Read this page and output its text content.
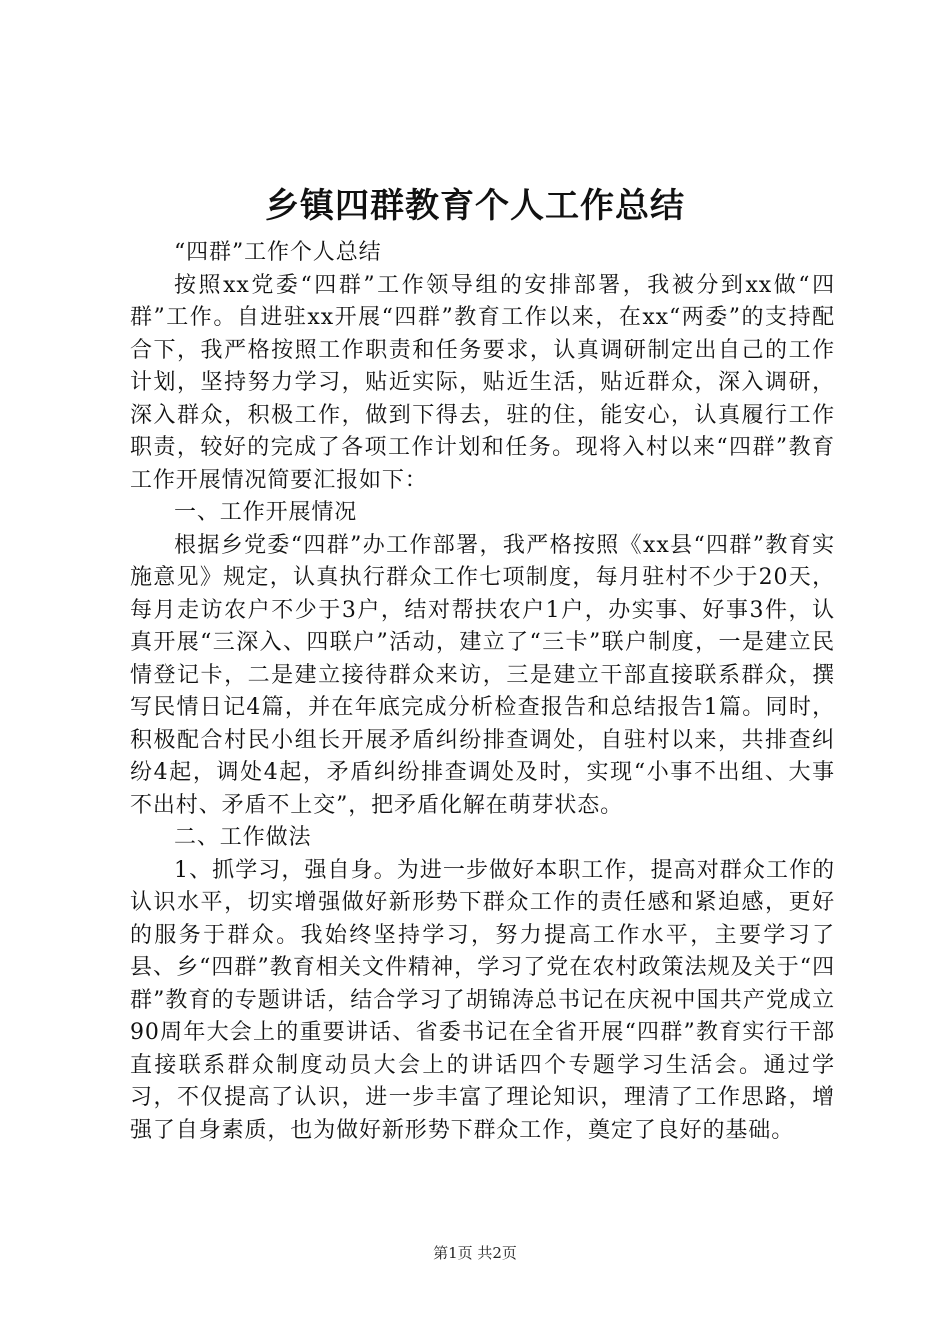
乡镇四群教育个人工作总结

“四群”工作个人总结

按照xx党委“四群”工作领导组的安排部署，我被分到xx做“四群”工作。自进驻xx开展“四群”教育工作以来，在xx“两委”的支持配合下，我严格按照工作职责和任务要求，认真调研制定出自己的工作计划，坚持努力学习，贴近实际，贴近生活，贴近群众，深入调研，深入群众，积极工作，做到下得去，驻的住，能安心，认真履行工作职责，较好的完成了各项工作计划和任务。现将入村以来“四群”教育工作开展情况简要汇报如下：

一、工作开展情况

根据乡党委“四群”办工作部署，我严格按照《xx县“四群”教育实施意见》规定，认真执行群众工作七项制度，每月驻村不少于20天，每月走访农户不少于3户，结对帮扶农户1户，办实事、好事3件，认真开展“三深入、四联户”活动，建立了“三卡”联户制度，一是建立民情登记卡，二是建立接待群众来访，三是建立干部直接联系群众，撰写民情日记4篇，并在年底完成分析检查报告和总结报告1篇。同时，积极配合村民小组长开展矛盾纠纷排查调处，自驻村以来，共排查纠纷4起，调处4起，矛盾纠纷排查调处及时，实现“小事不出组、大事不出村、矛盾不上交”，把矛盾化解在萌芽状态。

二、工作做法

1、抓学习，强自身。为进一步做好本职工作，提高对群众工作的认识水平，切实增强做好新形势下群众工作的责任感和紧迫感，更好的服务于群众。我始终坚持学习，努力提高工作水平，主要学习了县、乡“四群”教育相关文件精神，学习了党在农村政策法规及关于“四群”教育的专题讲话，结合学习了胡锦涛总书记在庆祝中国共产党成立90周年大会上的重要讲话、省委书记在全省开展“四群”教育实行干部直接联系群众制度动员大会上的讲话四个专题学习生活会。通过学习，不仅提高了认识，进一步丰富了理论知识，理清了工作思路，增强了自身素质，也为做好新形势下群众工作，奠定了良好的基础。

第1页 共2页
